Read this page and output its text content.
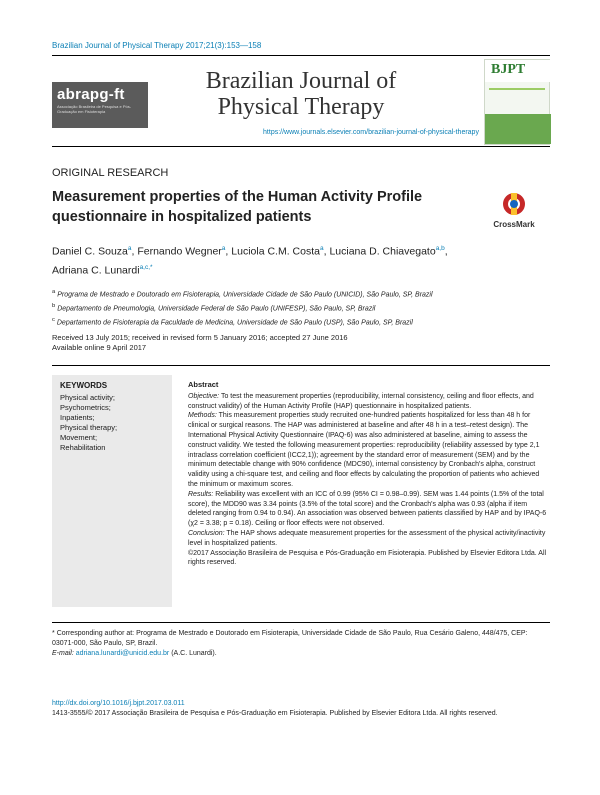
Brazilian Journal of Physical Therapy 2017;21(3):153—158
abrapg-ft
Associação Brasileira de Pesquisa e Pós-Graduação em Fisioterapia
Brazilian Journal of
Physical Therapy
https://www.journals.elsevier.com/brazilian-journal-of-physical-therapy
BJPT
ORIGINAL RESEARCH
Measurement properties of the Human Activity Profile questionnaire in hospitalized patients	CrossMark
Daniel C. Souza$^a$, Fernando Wegner$^a$, Luciola C.M. Costa$^a$, Luciana D. Chiavegato$^{a,b}$,
Adriana C. Lunardi$^{a,c,*}$
$^a$ Programa de Mestrado e Doutorado em Fisioterapia, Universidade Cidade de São Paulo (UNICID), São Paulo, SP, Brazil
$^b$ Departamento de Pneumologia, Universidade Federal de São Paulo (UNIFESP), São Paulo, SP, Brazil
$^c$ Departamento de Fisioterapia da Faculdade de Medicina, Universidade de São Paulo (USP), São Paulo, SP, Brazil
Received 13 July 2015; received in revised form 5 January 2016; accepted 27 June 2016
Available online 9 April 2017
KEYWORDS
Physical activity;
Psychometrics;
Inpatients;
Physical therapy;
Movement;
Rehabilitation
Abstract

Objective: To test the measurement properties (reproducibility, internal consistency, ceiling and floor effects, and construct validity) of the Human Activity Profile (HAP) questionnaire in hospitalized patients.

Methods: This measurement properties study recruited one-hundred patients hospitalized for less than 48 h for clinical or surgical reasons. The HAP was administered at baseline and after 48 h in a test–retest design). The International Physical Activity Questionnaire (IPAQ-6) was also administered at baseline, aiming to assess the construct validity. We tested the following measurement properties: reproducibility (reliability assessed by type 2,1 intraclass correlation coefficient (ICC2,1)); agreement by the standard error of measurement (SEM) and by the minimum detectable change with 90% confidence (MDC90), internal consistency by Cronbach's alpha, construct validity using a chi-square test, and ceiling and floor effects by calculating the proportion of patients who achieved the minimum or maximum scores.

Results: Reliability was excellent with an ICC of 0.99 (95% CI = 0.98–0.99). SEM was 1.44 points (1.5% of the total score), the MDD90 was 3.34 points (3.5% of the total score) and the Cronbach's alpha was 0.93 (alpha if item deleted ranging from 0.94 to 0.94). An association was observed between patients classified by HAP and by IPAQ-6 (χ2 = 3.38; p = 0.18). Ceiling or floor effects were not observed.

Conclusion: The HAP shows adequate measurement properties for the assessment of the physical activity/inactivity level in hospitalized patients.

©2017 Associação Brasileira de Pesquisa e Pós-Graduação em Fisioterapia. Published by Elsevier Editora Ltda. All rights reserved.

* Corresponding author at: Programa de Mestrado e Doutorado em Fisioterapia, Universidade Cidade de São Paulo, Rua Cesário Galeno, 448/475, CEP: 03071-000, São Paulo, SP, Brazil.
E-mail: adriana.lunardi@unicid.edu.br (A.C. Lunardi).
http://dx.doi.org/10.1016/j.bjpt.2017.03.011
1413-3555/© 2017 Associação Brasileira de Pesquisa e Pós-Graduação em Fisioterapia. Published by Elsevier Editora Ltda. All rights reserved.
